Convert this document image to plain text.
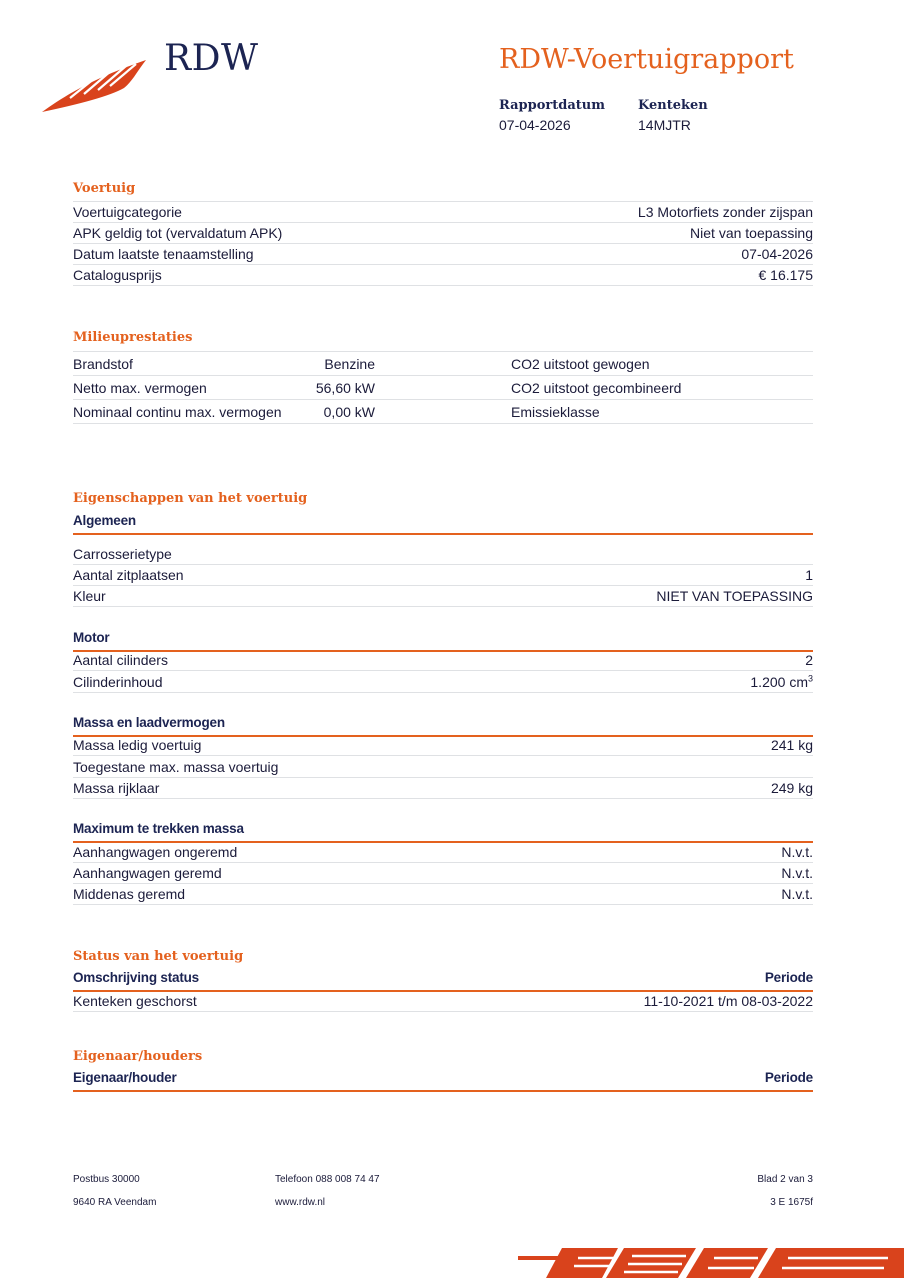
RDW	RDW-Voertuigrapport
Rapportdatum
07-04-2026
Kenteken
14MJTR
Voertuig
Voertuigcategorie	L3 Motorfiets zonder zijspan
APK geldig tot (vervaldatum APK)	Niet van toepassing
Datum laatste tenaamstelling	07-04-2026
Catalogusprijs	€ 16.175
Milieuprestaties
Brandstof	Benzine	CO2 uitstoot gewogen
Netto max. vermogen	56,60 kW	CO2 uitstoot gecombineerd
Nominaal continu max. vermogen	0,00 kW	Emissieklasse
Eigenschappen van het voertuig
Algemeen
Carrosserietype
Aantal zitplaatsen	1
Kleur	NIET VAN TOEPASSING
Motor
Aantal cilinders	2
Cilinderinhoud	1.200 $cm^3$
Massa en laadvermogen
Massa ledig voertuig	241 kg
Toegestane max. massa voertuig
Massa rijklaar	249 kg
Maximum te trekken massa
Aanhangwagen ongeremd	N.v.t.
Aanhangwagen geremd	N.v.t.
Middenas geremd	N.v.t.
Status van het voertuig
Omschrijving status	Periode
Kenteken geschorst	11-10-2021 t/m 08-03-2022
Eigenaar/houders
Eigenaar/houder	Periode
Postbus 30000
9640 RA Veendam
Telefoon 088 008 74 47
www.rdw.nl
Blad 2 van 3
3 E 1675f
